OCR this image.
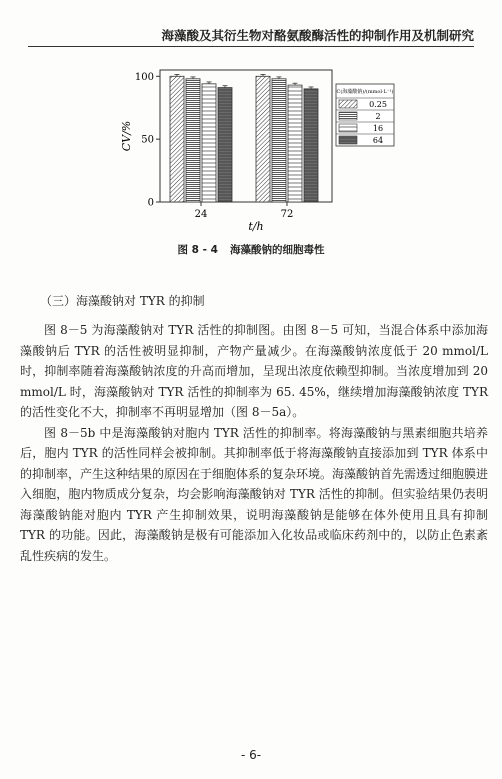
海藻酸及其衍生物对酪氨酸酶活性的抑制作用及机制研究
0
50
100
CV/%
24	72
t/h
C(海藻酸钠)/(mmol·L⁻¹)
0.25
2
16
64
图 8 - 4 海藻酸钠的细胞毒性
（三）海藻酸钠对 TYR 的抑制

图 8－5 为海藻酸钠对 TYR 活性的抑制图。由图 8－5 可知，当混合体系中添加海藻酸钠后 TYR 的活性被明显抑制，产物产量减少。在海藻酸钠浓度低于 20 mmol/L 时，抑制率随着海藻酸钠浓度的升高而增加，呈现出浓度依赖型抑制。当浓度增加到 20 mmol/L 时，海藻酸钠对 TYR 活性的抑制率为 65. 45%，继续增加海藻酸钠浓度 TYR 的活性变化不大，抑制率不再明显增加（图 8－5a）。

图 8－5b 中是海藻酸钠对胞内 TYR 活性的抑制率。将海藻酸钠与黑素细胞共培养后，胞内 TYR 的活性同样会被抑制。其抑制率低于将海藻酸钠直接添加到 TYR 体系中的抑制率，产生这种结果的原因在于细胞体系的复杂环境。海藻酸钠首先需透过细胞膜进入细胞，胞内物质成分复杂，均会影响海藻酸钠对 TYR 活性的抑制。但实验结果仍表明海藻酸钠能对胞内 TYR 产生抑制效果，说明海藻酸钠是能够在体外使用且具有抑制 TYR 的功能。因此，海藻酸钠是极有可能添加入化妆品或临床药剂中的，以防止色素紊乱性疾病的发生。

- 6-
